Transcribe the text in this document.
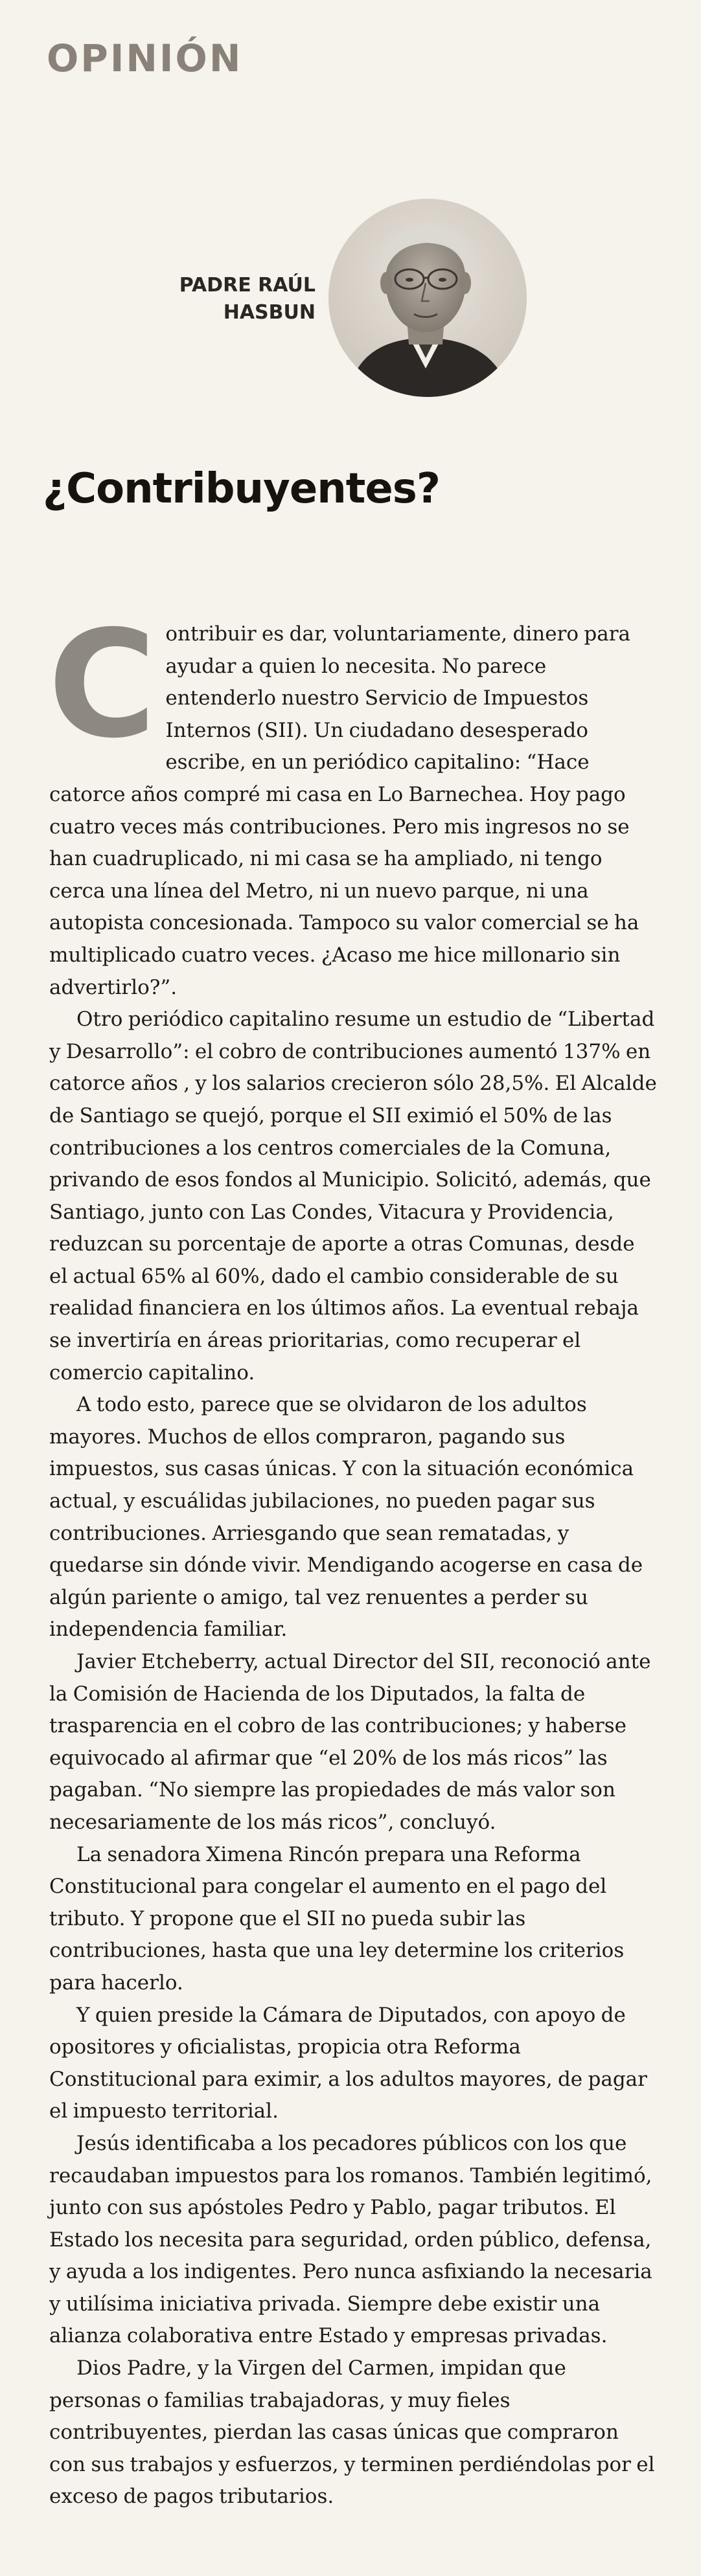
OPINIÓN
PADRE RAÚL
HASBUN
¿Contribuyentes?

Contribuir es dar, voluntariamente, dinero para ayudar a quien lo necesita. No parece entenderlo nuestro Servicio de Impuestos Internos (SII). Un ciudadano desesperado escribe, en un periódico capitalino: “Hace catorce años compré mi casa en Lo Barnechea. Hoy pago cuatro veces más contribuciones. Pero mis ingresos no se han cuadruplicado, ni mi casa se ha ampliado, ni tengo cerca una línea del Metro, ni un nuevo parque, ni una autopista concesionada. Tampoco su valor comercial se ha multiplicado cuatro veces. ¿Acaso me hice millonario sin advertirlo?”.

Otro periódico capitalino resume un estudio de “Libertad y Desarrollo”: el cobro de contribuciones aumentó 137% en catorce años , y los salarios crecieron sólo 28,5%. El Alcalde de Santiago se quejó, porque el SII eximió el 50% de las contribuciones a los centros comerciales de la Comuna, privando de esos fondos al Municipio. Solicitó, además, que Santiago, junto con Las Condes, Vitacura y Providencia, reduzcan su porcentaje de aporte a otras Comunas, desde el actual 65% al 60%, dado el cambio considerable de su realidad financiera en los últimos años. La eventual rebaja se invertiría en áreas prioritarias, como recuperar el comercio capitalino.

A todo esto, parece que se olvidaron de los adultos mayores. Muchos de ellos compraron, pagando sus impuestos, sus casas únicas. Y con la situación económica actual, y escuálidas jubilaciones, no pueden pagar sus contribuciones. Arriesgando que sean rematadas, y quedarse sin dónde vivir. Mendigando acogerse en casa de algún pariente o amigo, tal vez renuentes a perder su independencia familiar.

Javier Etcheberry, actual Director del SII, reconoció ante la Comisión de Hacienda de los Diputados, la falta de trasparencia en el cobro de las contribuciones; y haberse equivocado al afirmar que “el 20% de los más ricos” las pagaban. “No siempre las propiedades de más valor son necesariamente de los más ricos”, concluyó.

La senadora Ximena Rincón prepara una Reforma Constitucional para congelar el aumento en el pago del tributo. Y propone que el SII no pueda subir las contribuciones, hasta que una ley determine los criterios para hacerlo.

Y quien preside la Cámara de Diputados, con apoyo de opositores y oficialistas, propicia otra Reforma Constitucional para eximir, a los adultos mayores, de pagar el impuesto territorial.

Jesús identificaba a los pecadores públicos con los que recaudaban impuestos para los romanos. También legitimó, junto con sus apóstoles Pedro y Pablo, pagar tributos. El Estado los necesita para seguridad, orden público, defensa, y ayuda a los indigentes. Pero nunca asfixiando la necesaria y utilísima iniciativa privada. Siempre debe existir una alianza colaborativa entre Estado y empresas privadas.

Dios Padre, y la Virgen del Carmen, impidan que personas o familias trabajadoras, y muy fieles contribuyentes, pierdan las casas únicas que compraron con sus trabajos y esfuerzos, y terminen perdiéndolas por el exceso de pagos tributarios.
